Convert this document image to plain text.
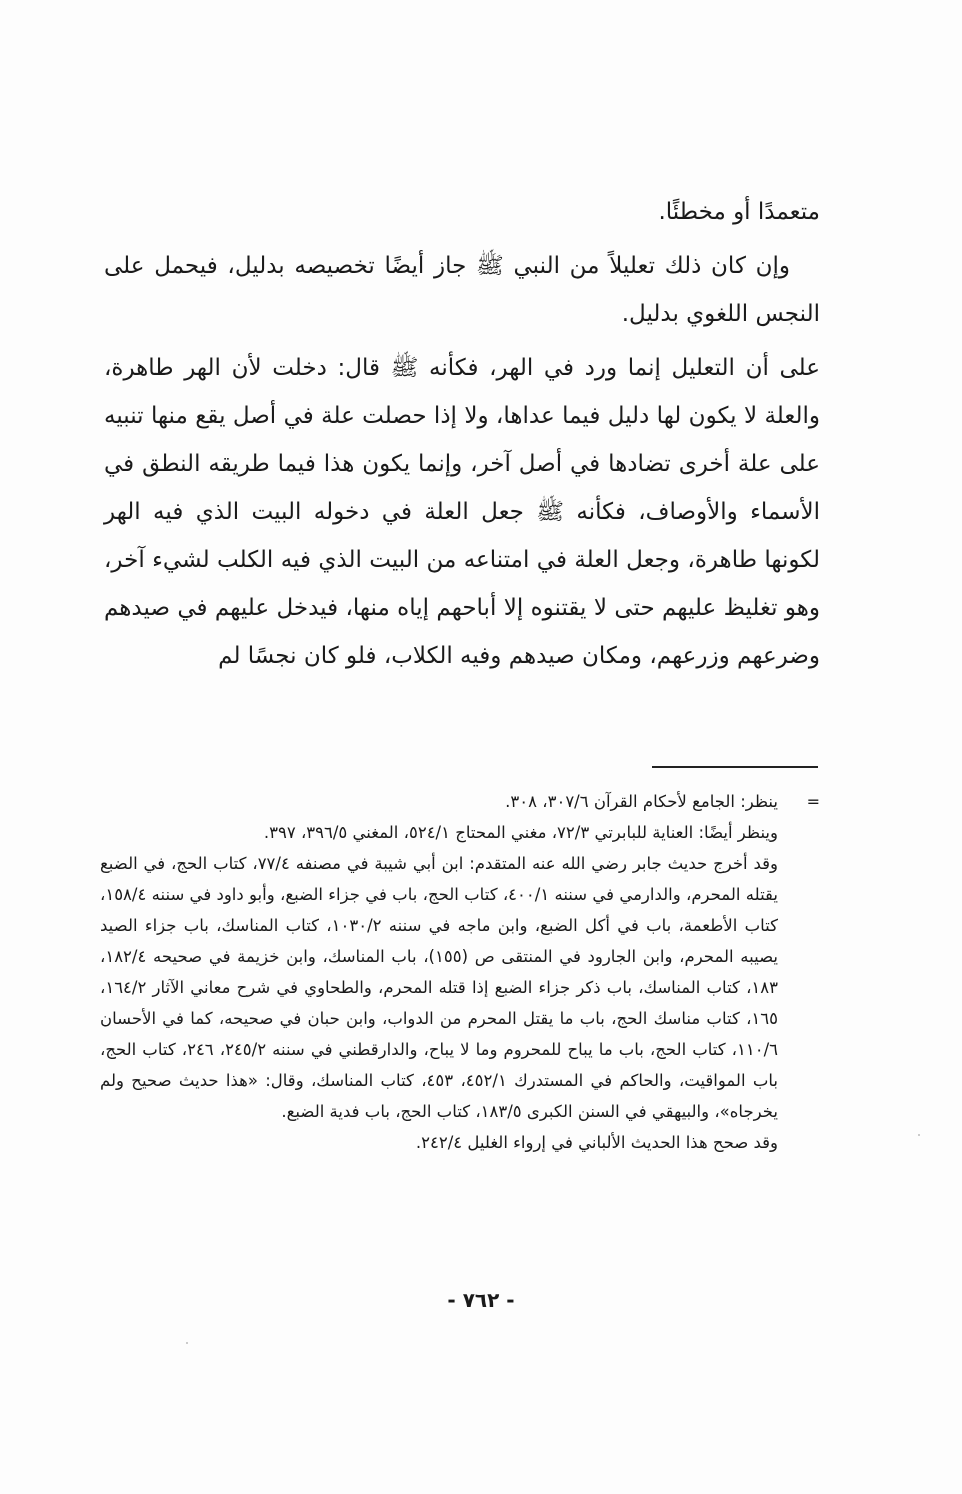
متعمدًا أو مخطئًا.

وإن كان ذلك تعليلاً من النبي ﷺ جاز أيضًا تخصيصه بدليل، فيحمل على النجس اللغوي بدليل.

على أن التعليل إنما ورد في الهر، فكأنه ﷺ قال: دخلت لأن الهر طاهرة، والعلة لا يكون لها دليل فيما عداها، ولا إذا حصلت علة في أصل يقع منها تنبيه على علة أخرى تضادها في أصل آخر، وإنما يكون هذا فيما طريقه النطق في الأسماء والأوصاف، فكأنه ﷺ جعل العلة في دخوله البيت الذي فيه الهر لكونها طاهرة، وجعل العلة في امتناعه من البيت الذي فيه الكلب لشيء آخر، وهو تغليظ عليهم حتى لا يقتنوه إلا أباحهم إياه منها، فيدخل عليهم في صيدهم وضرعهم وزرعهم، ومكان صيدهم وفيه الكلاب، فلو كان نجسًا لم

=
ينظر: الجامع لأحكام القرآن ٣٠٧/٦، ٣٠٨.

وينظر أيضًا: العناية للبابرتي ٧٢/٣، مغني المحتاج ٥٢٤/١، المغني ٣٩٦/٥، ٣٩٧.

وقد أخرج حديث جابر رضي الله عنه المتقدم: ابن أبي شيبة في مصنفه ٧٧/٤، كتاب الحج، في الضبع يقتله المحرم، والدارمي في سننه ٤٠٠/١، كتاب الحج، باب في جزاء الضبع، وأبو داود في سننه ١٥٨/٤، كتاب الأطعمة، باب في أكل الضبع، وابن ماجه في سننه ١٠٣٠/٢، كتاب المناسك، باب جزاء الصيد يصيبه المحرم، وابن الجارود في المنتقى ص (١٥٥)، باب المناسك، وابن خزيمة في صحيحه ١٨٢/٤، ١٨٣، كتاب المناسك، باب ذكر جزاء الضبع إذا قتله المحرم، والطحاوي في شرح معاني الآثار ١٦٤/٢، ١٦٥، كتاب مناسك الحج، باب ما يقتل المحرم من الدواب، وابن حبان في صحيحه، كما في الأحسان ١١٠/٦، كتاب الحج، باب ما يباح للمحروم وما لا يباح، والدارقطني في سننه ٢٤٥/٢، ٢٤٦، كتاب الحج، باب المواقيت، والحاكم في المستدرك ٤٥٢/١، ٤٥٣، كتاب المناسك، وقال: «هذا حديث صحيح ولم يخرجاه»، والبيهقي في السنن الكبرى ١٨٣/٥، كتاب الحج، باب فدية الضبع.

وقد صحح هذا الحديث الألباني في إرواء الغليل ٢٤٢/٤.

- ٧٦٢ -
